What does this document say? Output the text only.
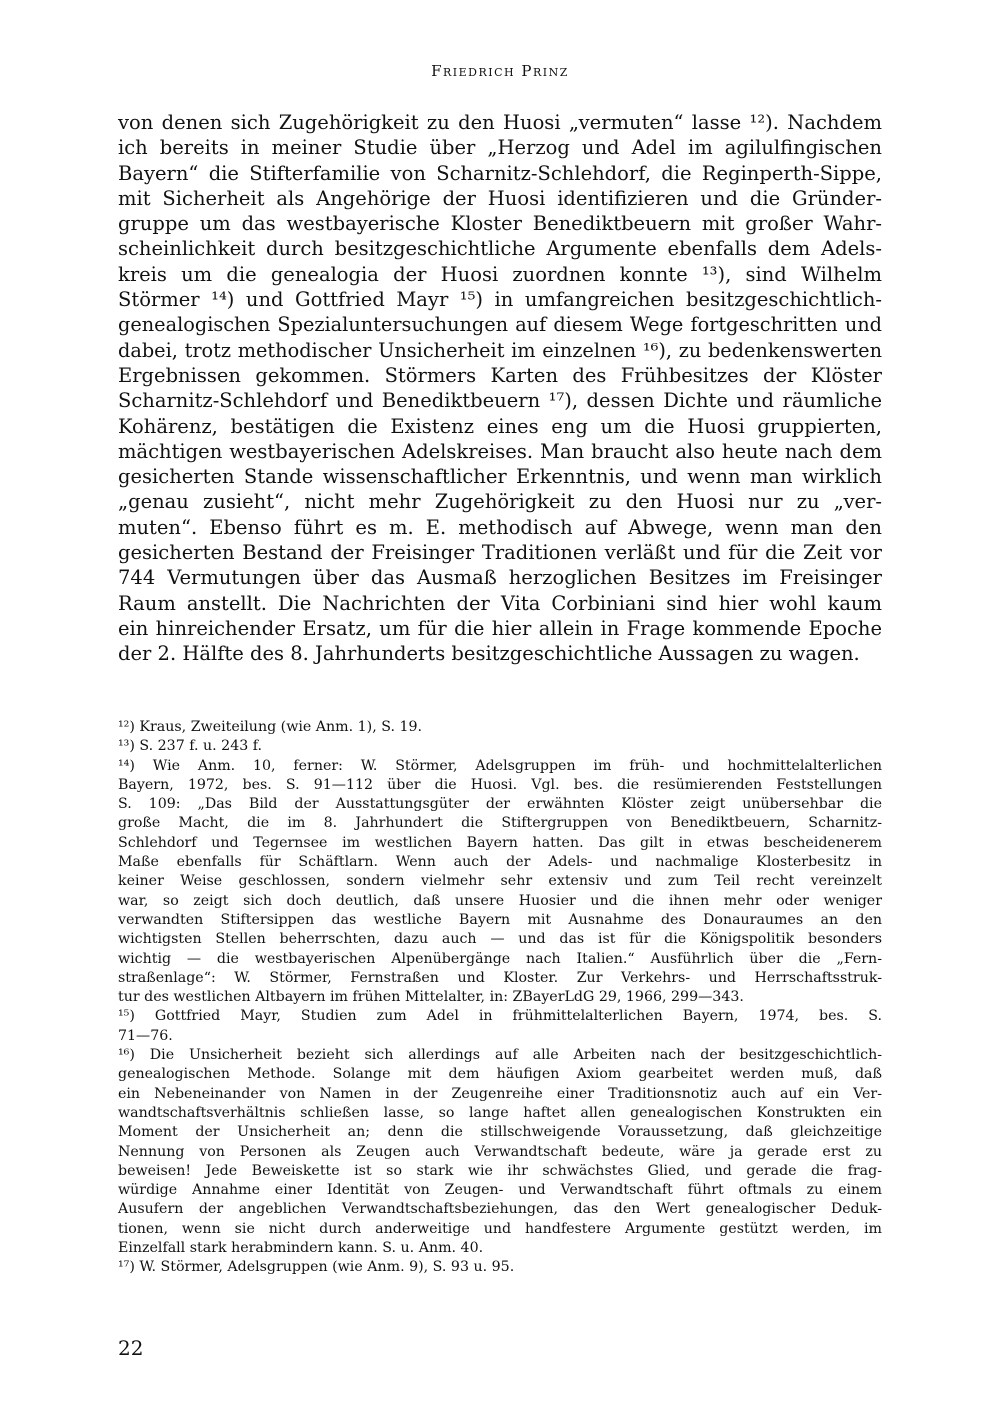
Friedrich Prinz
von denen sich Zugehörigkeit zu den Huosi „vermuten“ lasse ¹²). Nachdem
ich bereits in meiner Studie über „Herzog und Adel im agilulfingischen
Bayern“ die Stifterfamilie von Scharnitz-Schlehdorf, die Reginperth-Sippe,
mit Sicherheit als Angehörige der Huosi identifizieren und die Gründer-
gruppe um das westbayerische Kloster Benediktbeuern mit großer Wahr-
scheinlichkeit durch besitzgeschichtliche Argumente ebenfalls dem Adels-
kreis um die genealogia der Huosi zuordnen konnte ¹³), sind Wilhelm
Störmer ¹⁴) und Gottfried Mayr ¹⁵) in umfangreichen besitzgeschichtlich-
genealogischen Spezialuntersuchungen auf diesem Wege fortgeschritten und
dabei, trotz methodischer Unsicherheit im einzelnen ¹⁶), zu bedenkenswerten
Ergebnissen gekommen. Störmers Karten des Frühbesitzes der Klöster
Scharnitz-Schlehdorf und Benediktbeuern ¹⁷), dessen Dichte und räumliche
Kohärenz, bestätigen die Existenz eines eng um die Huosi gruppierten,
mächtigen westbayerischen Adelskreises. Man braucht also heute nach dem
gesicherten Stande wissenschaftlicher Erkenntnis, und wenn man wirklich
„genau zusieht“, nicht mehr Zugehörigkeit zu den Huosi nur zu „ver-
muten“. Ebenso führt es m. E. methodisch auf Abwege, wenn man den
gesicherten Bestand der Freisinger Traditionen verläßt und für die Zeit vor
744 Vermutungen über das Ausmaß herzoglichen Besitzes im Freisinger
Raum anstellt. Die Nachrichten der Vita Corbiniani sind hier wohl kaum
ein hinreichender Ersatz, um für die hier allein in Frage kommende Epoche
der 2. Hälfte des 8. Jahrhunderts besitzgeschichtliche Aussagen zu wagen.
¹²) Kraus, Zweiteilung (wie Anm. 1), S. 19.
¹³) S. 237 f. u. 243 f.
¹⁴) Wie Anm. 10, ferner: W. Störmer, Adelsgruppen im früh- und hochmittelalterlichen
Bayern, 1972, bes. S. 91—112 über die Huosi. Vgl. bes. die resümierenden Feststellungen
S. 109: „Das Bild der Ausstattungsgüter der erwähnten Klöster zeigt unübersehbar die
große Macht, die im 8. Jahrhundert die Stiftergruppen von Benediktbeuern, Scharnitz-
Schlehdorf und Tegernsee im westlichen Bayern hatten. Das gilt in etwas bescheidenerem
Maße ebenfalls für Schäftlarn. Wenn auch der Adels- und nachmalige Klosterbesitz in
keiner Weise geschlossen, sondern vielmehr sehr extensiv und zum Teil recht vereinzelt
war, so zeigt sich doch deutlich, daß unsere Huosier und die ihnen mehr oder weniger
verwandten Stiftersippen das westliche Bayern mit Ausnahme des Donauraumes an den
wichtigsten Stellen beherrschten, dazu auch — und das ist für die Königspolitik besonders
wichtig — die westbayerischen Alpenübergänge nach Italien.“ Ausführlich über die „Fern-
straßenlage“: W. Störmer, Fernstraßen und Kloster. Zur Verkehrs- und Herrschaftsstruk-
tur des westlichen Altbayern im frühen Mittelalter, in: ZBayerLdG 29, 1966, 299—343.
¹⁵) Gottfried Mayr, Studien zum Adel in frühmittelalterlichen Bayern, 1974, bes. S.
71—76.
¹⁶) Die Unsicherheit bezieht sich allerdings auf alle Arbeiten nach der besitzgeschichtlich-
genealogischen Methode. Solange mit dem häufigen Axiom gearbeitet werden muß, daß
ein Nebeneinander von Namen in der Zeugenreihe einer Traditionsnotiz auch auf ein Ver-
wandtschaftsverhältnis schließen lasse, so lange haftet allen genealogischen Konstrukten ein
Moment der Unsicherheit an; denn die stillschweigende Voraussetzung, daß gleichzeitige
Nennung von Personen als Zeugen auch Verwandtschaft bedeute, wäre ja gerade erst zu
beweisen! Jede Beweiskette ist so stark wie ihr schwächstes Glied, und gerade die frag-
würdige Annahme einer Identität von Zeugen- und Verwandtschaft führt oftmals zu einem
Ausufern der angeblichen Verwandtschaftsbeziehungen, das den Wert genealogischer Deduk-
tionen, wenn sie nicht durch anderweitige und handfestere Argumente gestützt werden, im
Einzelfall stark herabmindern kann. S. u. Anm. 40.
¹⁷) W. Störmer, Adelsgruppen (wie Anm. 9), S. 93 u. 95.
22
